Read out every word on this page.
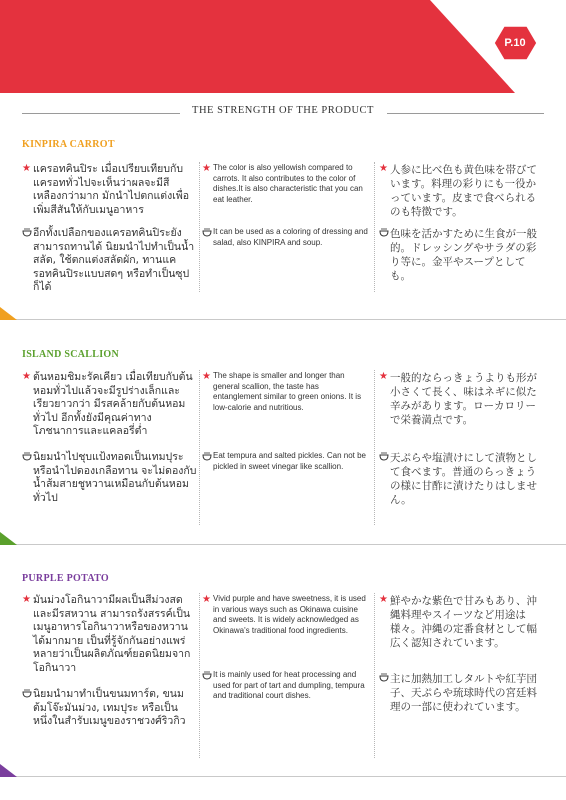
P.10
THE STRENGTH OF THE PRODUCT
KINPIRA CARROT
★ แครอทคินปิระ เมื่อเปรียบเทียบกับแครอททั่วไปจะเห็นว่าผลจะมีสีเหลืองกว่ามาก มักนำไปตกแต่งเพื่อเพิ่มสีสันให้กับเมนูอาหาร
★ The color is also yellowish compared to carrots. It also contributes to the color of dishes.It is also characteristic that you can eat leather.
★ 人参に比べ色も黄色味を帯びています。料理の彩りにも一役かっています。皮まで食べられるのも特徴です。
อีกทั้งเปลือกของแครอทคินปิระยังสามารถทานได้ นิยมนำไปทำเป็นน้ำสลัด, ใช้ตกแต่งสลัดผัก, ทานแครอทคินปิระแบบสดๆ หรือทำเป็นซุปก็ได้
It can be used as a coloring of dressing and salad, also KINPIRA and soup.
色味を活かすために生食が一般的。ドレッシングやサラダの彩り等に。金平やスープとしても。
ISLAND SCALLION
★ ต้นหอมชิมะรัคเคียว เมื่อเทียบกับต้นหอมทั่วไปแล้วจะมีรูปร่างเล็กและเรียวยาวกว่า มีรสคล้ายกับต้นหอมทั่วไป อีกทั้งยังมีคุณค่าทางโภชนาการและแคลอรี่ต่ำ
★ The shape is smaller and longer than general scallion, the taste has entanglement similar to green onions. It is low-calorie and nutritious.
★ 一般的ならっきょうよりも形が小さくて長く、味はネギに似た辛みがあります。ローカロリーで栄養満点です。
นิยมนำไปชุบแป้งทอดเป็นเทมปุระหรือนำไปดองเกลือทาน จะไม่ดองกับน้ำส้มสายชูหวานเหมือนกับต้นหอมทั่วไป
Eat tempura and salted pickles. Can not be pickled in sweet vinegar like scallion.
天ぷらや塩漬けにして漬物として食べます。普通のらっきょうの様に甘酢に漬けたりはしません。
PURPLE POTATO
★ มันม่วงโอกินาวามีผลเป็นสีม่วงสดและมีรสหวาน สามารถรังสรรค์เป็นเมนูอาหารโอกินาวาหรือของหวานได้มากมาย เป็นที่รู้จักกันอย่างแพร่หลายว่าเป็นผลิตภัณฑ์ยอดนิยมจากโอกินาวา
★ Vivid purple and have sweetness, it is used in various ways such as Okinawa cuisine and sweets. It is widely acknowledged as Okinawa's traditional food ingredients.
★ 鮮やかな紫色で甘みもあり、沖縄料理やスイーツなど用途は様々。沖縄の定番食材として幅広く認知されています。
นิยมนำมาทำเป็นขนมทาร์ต, ขนมต้มโจ๊ะมันม่วง, เทมปุระ หรือเป็นหนึ่งในสำรับเมนูของราชวงศ์ริวกิว
It is mainly used for heat processing and used for part of tart and dumpling, tempura and traditional court dishes.
主に加熱加工しタルトや紅芋団子、天ぷらや琉球時代の宮廷料理の一部に使われています。
